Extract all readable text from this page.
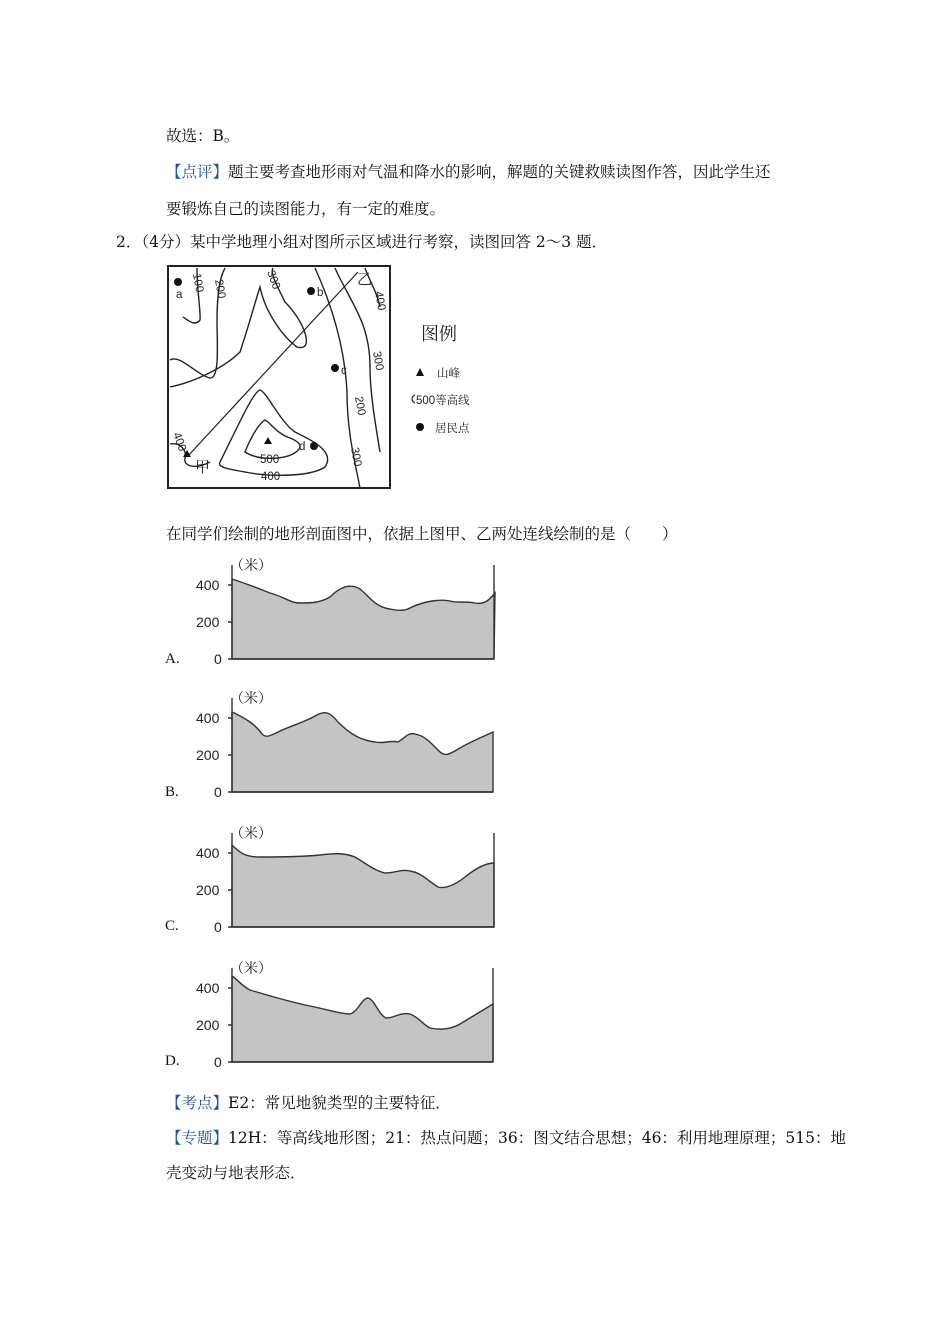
故选：B。
【点评】题主要考查地形雨对气温和降水的影响，解题的关键救赎读图作答，因此学生还
要锻炼自己的读图能力，有一定的难度。
2．（4分）某中学地理小组对图所示区域进行考察，读图回答 2～3 题．
a	b
c
d
100 200	300
400
300
200
300
400
500
400
甲
乙
图例
山峰
500等高线
居民点
在同学们绘制的地形剖面图中，依据上图甲、乙两处连线绘制的是（　　）
（米）
400
200
0
A.
（米）
400
200
0
B.
（米）
400
200
0
C.
（米）
400
200
0
D.
【考点】E2：常见地貌类型的主要特征．
【专题】12H：等高线地形图；21：热点问题；36：图文结合思想；46：利用地理原理；515：地
壳变动与地表形态．
